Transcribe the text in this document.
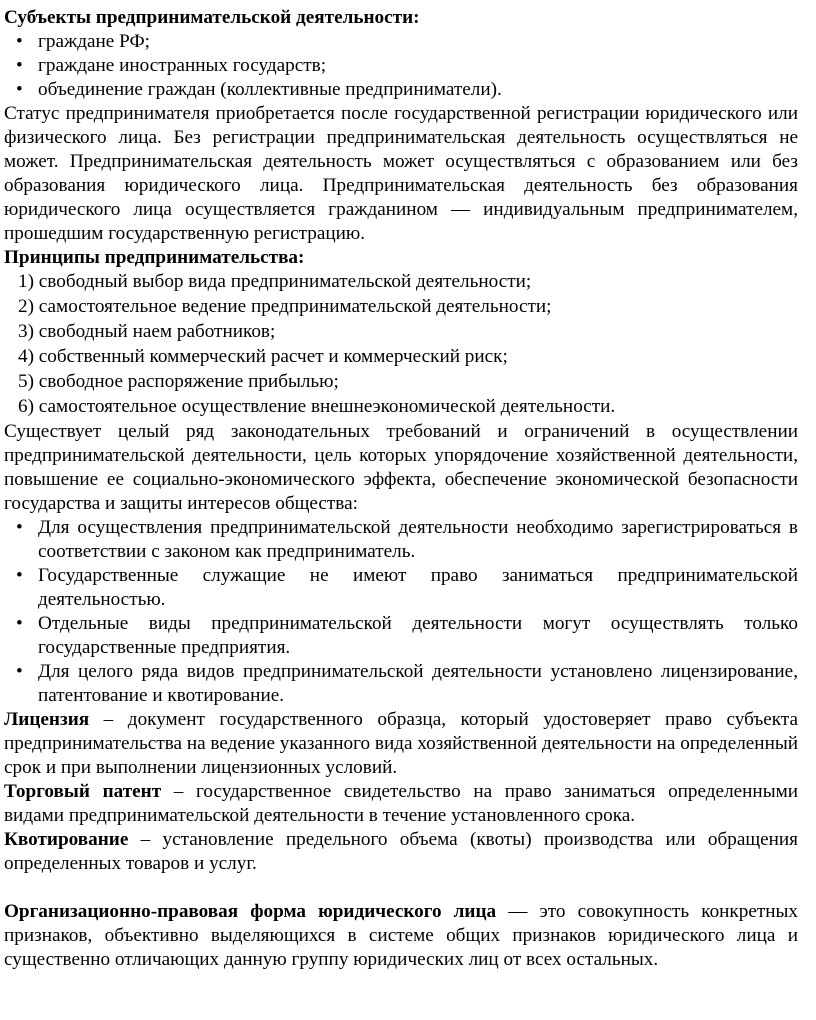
Субъекты предпринимательской деятельности:

• граждане РФ;
• граждане иностранных государств;
• объединение граждан (коллективные предприниматели).

Статус предпринимателя приобретается после государственной регистрации юридического или физического лица. Без регистрации предпринимательская деятельность осуществляться не может. Предпринимательская деятельность может осуществляться с образованием или без образования юридического лица. Предпринимательская деятельность без образования юридического лица осуществляется гражданином — индивидуальным предпринимателем, прошедшим государственную регистрацию.

Принципы предпринимательства:

1) свободный выбор вида предпринимательской деятельности;
2) самостоятельное ведение предпринимательской деятельности;
3) свободный наем работников;
4) собственный коммерческий расчет и коммерческий риск;
5) свободное распоряжение прибылью;
6) самостоятельное осуществление внешнеэкономической деятельности.

Существует целый ряд законодательных требований и ограничений в осуществлении предпринимательской деятельности, цель которых упорядочение хозяйственной деятельности, повышение ее социально-экономического эффекта, обеспечение экономической безопасности государства и защиты интересов общества:

• Для осуществления предпринимательской деятельности необходимо зарегистрироваться в соответствии с законом как предприниматель.
• Государственные служащие не имеют право заниматься предпринимательской деятельностью.
• Отдельные виды предпринимательской деятельности могут осуществлять только государственные предприятия.
• Для целого ряда видов предпринимательской деятельности установлено лицензирование, патентование и квотирование.

Лицензия – документ государственного образца, который удостоверяет право субъекта предпринимательства на ведение указанного вида хозяйственной деятельности на определенный срок и при выполнении лицензионных условий.

Торговый патент – государственное свидетельство на право заниматься определенными видами предпринимательской деятельности в течение установленного срока.

Квотирование – установление предельного объема (квоты) производства или обращения определенных товаров и услуг.

Организационно-правовая форма юридического лица — это совокупность конкретных признаков, объективно выделяющихся в системе общих признаков юридического лица и существенно отличающих данную группу юридических лиц от всех остальных.
